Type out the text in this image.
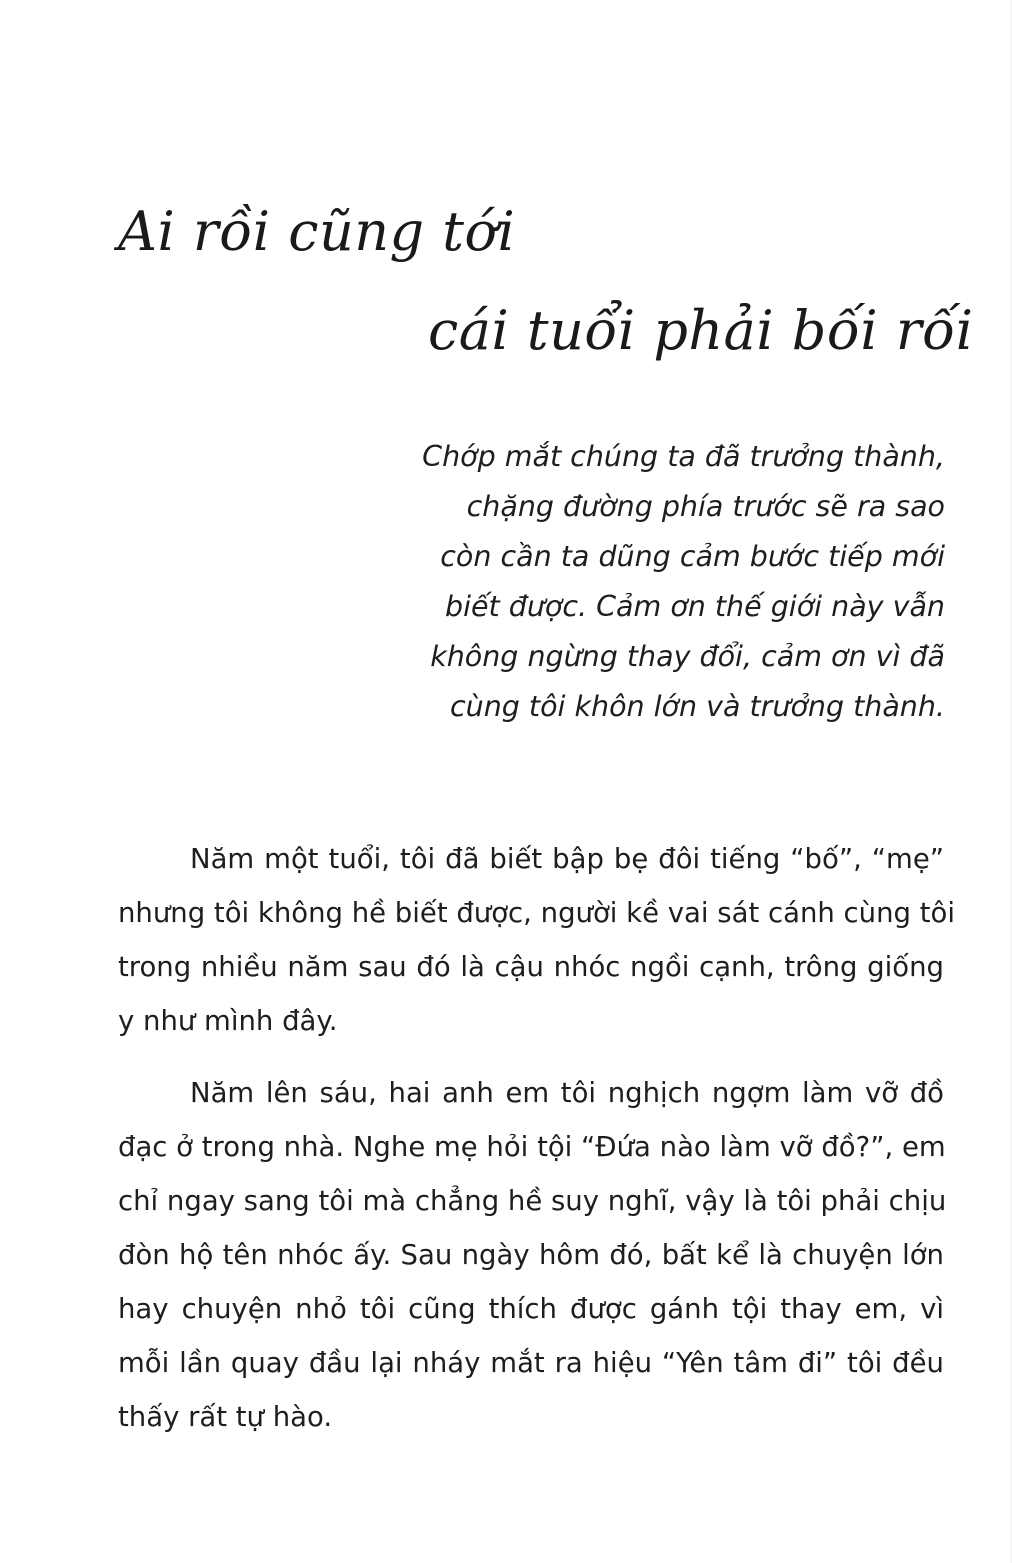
Ai rồi cũng tới
cái tuổi phải bối rối
Chớp mắt chúng ta đã trưởng thành,
chặng đường phía trước sẽ ra sao
còn cần ta dũng cảm bước tiếp mới
biết được. Cảm ơn thế giới này vẫn
không ngừng thay đổi, cảm ơn vì đã
cùng tôi khôn lớn và trưởng thành.
Năm một tuổi, tôi đã biết bập bẹ đôi tiếng “bố”, “mẹ”
nhưng tôi không hề biết được, người kề vai sát cánh cùng tôi
trong nhiều năm sau đó là cậu nhóc ngồi cạnh, trông giống
y như mình đây.
Năm lên sáu, hai anh em tôi nghịch ngợm làm vỡ đồ
đạc ở trong nhà. Nghe mẹ hỏi tội “Đứa nào làm vỡ đồ?”, em
chỉ ngay sang tôi mà chẳng hề suy nghĩ, vậy là tôi phải chịu
đòn hộ tên nhóc ấy. Sau ngày hôm đó, bất kể là chuyện lớn
hay chuyện nhỏ tôi cũng thích được gánh tội thay em, vì
mỗi lần quay đầu lại nháy mắt ra hiệu “Yên tâm đi” tôi đều
thấy rất tự hào.
